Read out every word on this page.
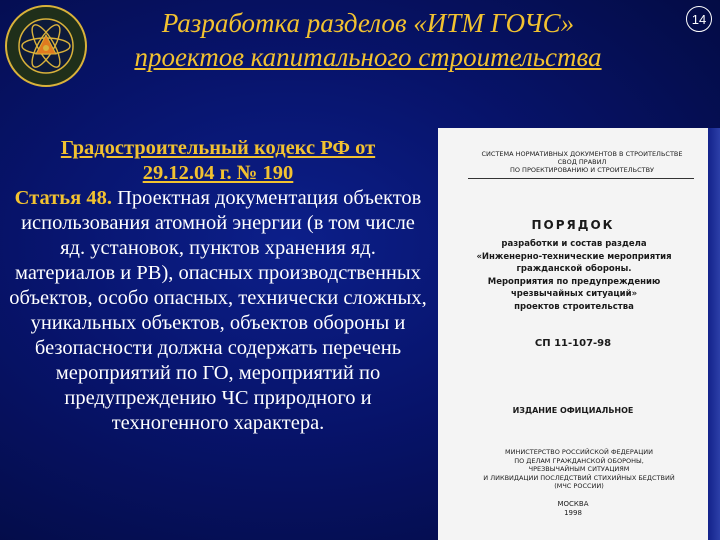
Разработка разделов «ИТМ ГОЧС»
проектов капитального строительства
14
Градостроительный кодекс РФ от
29.12.04 г. № 190
Статья 48. Проектная документация объектов использования атомной энергии (в том числе яд. установок, пунктов хранения яд. материалов и РВ), опасных производственных объектов, особо опасных, технически сложных, уникальных объектов, объектов обороны и безопасности должна содержать перечень мероприятий по ГО, мероприятий по предупреждению ЧС природного и техногенного характера.
СИСТЕМА НОРМАТИВНЫХ ДОКУМЕНТОВ В СТРОИТЕЛЬСТВЕ
СВОД ПРАВИЛ
ПО ПРОЕКТИРОВАНИЮ И СТРОИТЕЛЬСТВУ
ПОРЯДОК
разработки и состав раздела
«Инженерно-технические мероприятия
гражданской обороны.
Мероприятия по предупреждению
чрезвычайных ситуаций»
проектов строительства
СП 11-107-98
ИЗДАНИЕ ОФИЦИАЛЬНОЕ
МИНИСТЕРСТВО РОССИЙСКОЙ ФЕДЕРАЦИИ
ПО ДЕЛАМ ГРАЖДАНСКОЙ ОБОРОНЫ,
ЧРЕЗВЫЧАЙНЫМ СИТУАЦИЯМ
И ЛИКВИДАЦИИ ПОСЛЕДСТВИЙ СТИХИЙНЫХ БЕДСТВИЙ
(МЧС РОССИИ)
МОСКВА
1998
